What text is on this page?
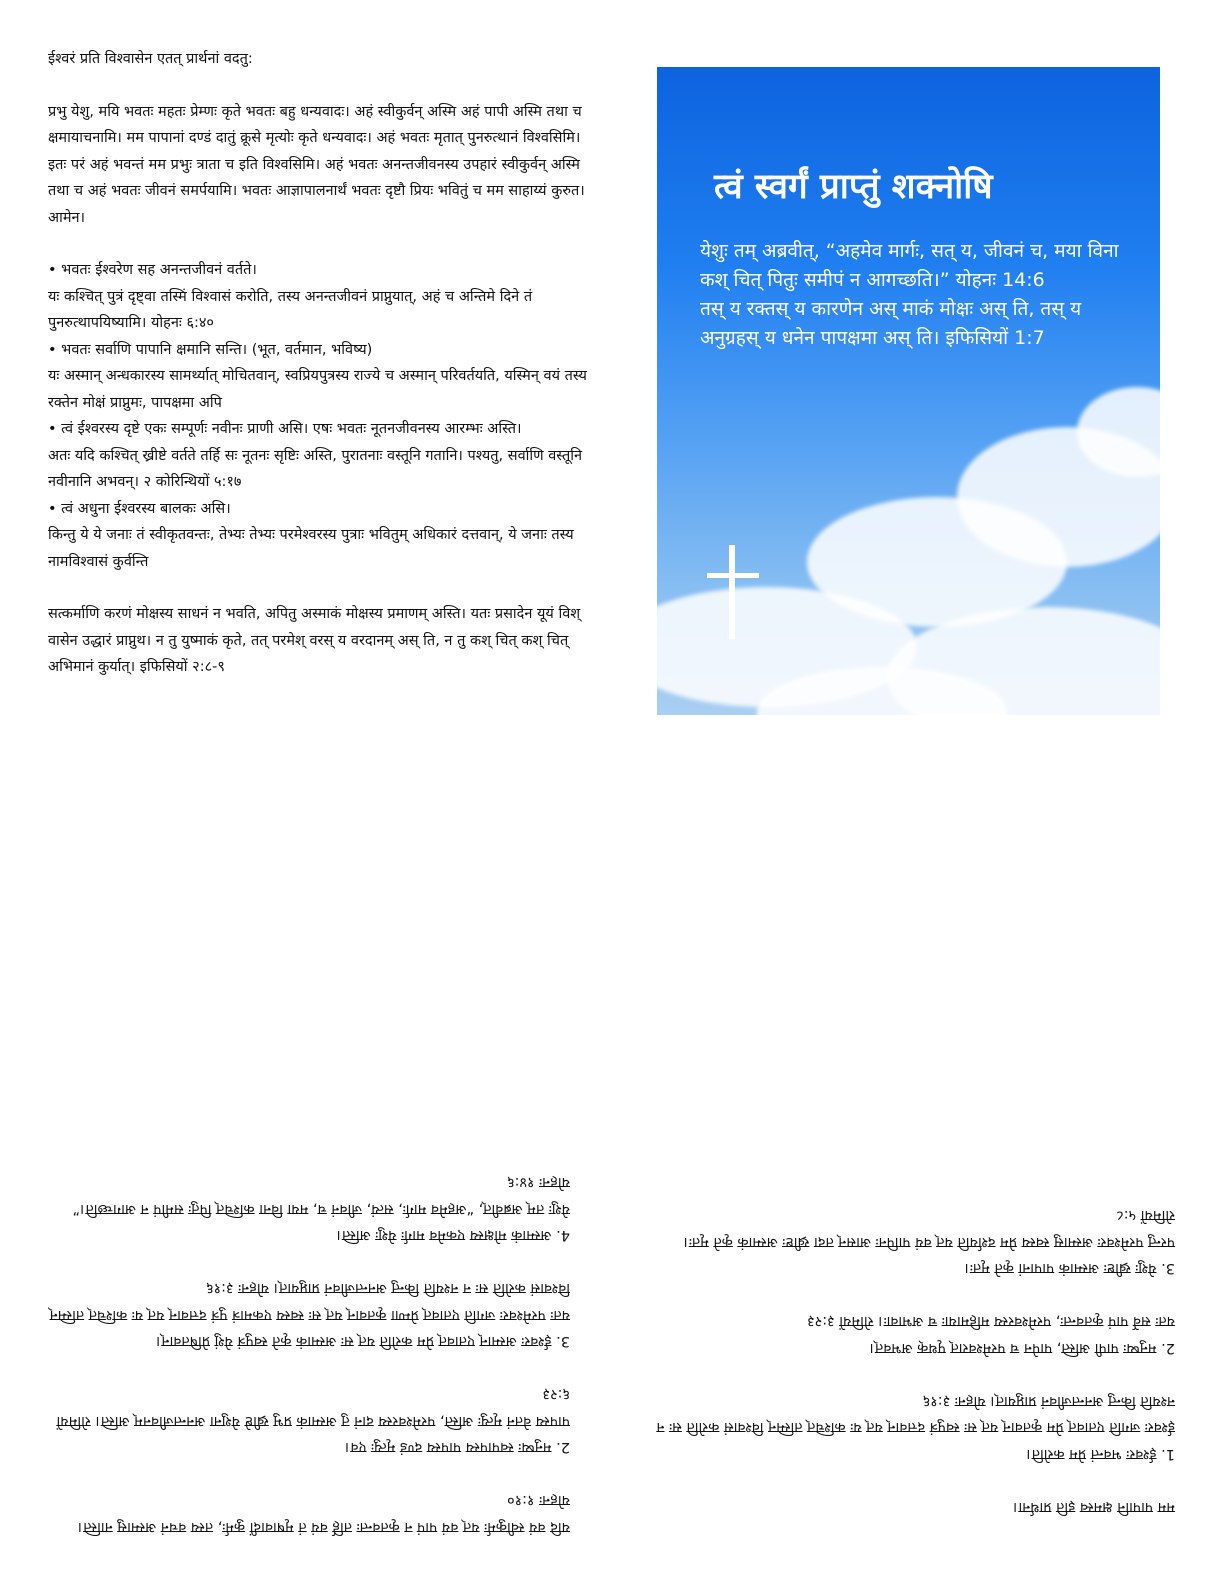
ईश्वरं प्रति विश्वासेन एतत् प्रार्थनां वदतु:

प्रभु येशु, मयि भवतः महतः प्रेम्णः कृते भवतः बहु धन्यवादः। अहं स्वीकुर्वन् अस्मि अहं पापी अस्मि तथा च क्षमायाचनामि। मम पापानां दण्डं दातुं क्रूसे मृत्योः कृते धन्यवादः। अहं भवतः मृतात् पुनरुत्थानं विश्वसिमि। इतः परं अहं भवन्तं मम प्रभुः त्राता च इति विश्वसिमि। अहं भवतः अनन्तजीवनस्य उपहारं स्वीकुर्वन् अस्मि तथा च अहं भवतः जीवनं समर्पयामि। भवतः आज्ञापालनार्थं भवतः दृष्टौ प्रियः भवितुं च मम साहाय्यं कुरुत। आमेन।

• भवतः ईश्वरेण सह अनन्तजीवनं वर्तते।
यः कश्चित् पुत्रं दृष्ट्वा तस्मिं विश्वासं करोति, तस्य अनन्तजीवनं प्राप्नुयात्, अहं च अन्तिमे दिने तं पुनरुत्थापयिष्यामि। योहनः ६:४०
• भवतः सर्वाणि पापानि क्षमानि सन्ति। (भूत, वर्तमान, भविष्य)
यः अस्मान् अन्धकारस्य सामर्थ्यात् मोचितवान्, स्वप्रियपुत्रस्य राज्ये च अस्मान् परिवर्तयति, यस्मिन् वयं तस्य रक्तेन मोक्षं प्राप्नुमः, पापक्षमा अपि
• त्वं ईश्वरस्य दृष्टे एकः सम्पूर्णः नवीनः प्राणी असि। एषः भवतः नूतनजीवनस्य आरम्भः अस्ति।
अतः यदि कश्चित् ख्रीष्टे वर्तते तर्हि सः नूतनः सृष्टिः अस्ति, पुरातनाः वस्तूनि गतानि। पश्यतु, सर्वाणि वस्तूनि नवीनानि अभवन्। २ कोरिन्थियों ५:१७
• त्वं अधुना ईश्वरस्य बालकः असि।
किन्तु ये ये जनाः तं स्वीकृतवन्तः, तेभ्यः तेभ्यः परमेश्वरस्य पुत्राः भवितुम् अधिकारं दत्तवान्, ये जनाः तस्य नामविश्वासं कुर्वन्ति

सत्कर्माणि करणं मोक्षस्य साधनं न भवति, अपितु अस्माकं मोक्षस्य प्रमाणम् अस्ति। यतः प्रसादेन यूयं विश् वासेन उद्धारं प्राप्नुथ। न तु युष्माकं कृते, तत् परमेश् वरस् य वरदानम् अस् ति, न तु कश् चित् कश् चित् अभिमानं कुर्यात्। इफिसियों २:८-९

त्वं स्वर्गं प्राप्तुं शक्नोषि
येशुः तम् अब्रवीत्, “अहमेव मार्गः, सत् य, जीवनं च, मया विना कश् चित् पितुः समीपं न आगच्छति।” योहनः 14:6
तस् य रक्तस् य कारणेन अस् माकं मोक्षः अस् ति, तस् य अनुग्रहस् य धनेन पापक्षमा अस् ति। इफिसियों 1:7

यदि वयं स्वीकुर्मः यत् वयं पापं न कृतवन्तः तर्हि वयं तं मृषावादीं कुर्मः, तस्य वचनं अस्मासु नास्ति। योहनः १:१०

2. मनुष्यः स्वपापस्य पापस्य दण्डं मृत्युः एव।
पापस्य वेतनं मृत्युः अस्ति, परमेश्वरस्य दानं तु अस्माकं प्रभु ख्रीष्टे येशुना अनन्तजीवनम् अस्ति। रोमियों ६:२३

3. ईश्वरः अस्मान् एतावत् प्रेम करोति यत् सः अस्माकं कृते स्वपुत्रं येशुं प्रेषितवान्।
यतः परमेश्वरः जगति एतावत् प्रेम्णा कृतवान् यत् सः स्वस्य एकमात्रं पुत्रं दत्तवान् यत् यः कश्चित् तस्मिन् विश्वासं करोति सः न नश्यति किन्तु अनन्तजीवनं प्राप्नुयात्। योहनः ३:१६

4. अस्माकं मोक्षस्य एकमेव मार्गः येशुः अस्ति।
येशुः तम् अब्रवीत्, “अहमेव मार्गः, सत्यं, जीवनं च, मया विना कश्चित् पितुः समीपं न आगच्छति।” योहनः १४:६

मम पापानि क्षमस्व इति प्रार्थना।

1. ईश्वरः भवन्तं प्रेम करोति।
ईश्वरः जगति एतावत् प्रेम कृतवान् यत् सः स्वपुत्रं दत्तवान् यत् यः कश्चित् तस्मिन् विश्वासं करोति सः न नश्यति किन्तु अनन्तजीवनं प्राप्नुयात्। योहनः ३:१६

2. मनुष्यः पापी अस्ति, पापेन च परमेश्वरात् पृथक् अभवत्।
यतः सर्वे पापं कृतवन्तः, परमेश्वरस्य महिमायाः च अभावाः। रोमियों ३:२३

3. येशुः ख्रीष्टः अस्माकं पापानां कृते मृतः।
परन्तु परमेश्वरः अस्मासु स्वस्य प्रेम दर्शयति यत् वयं पापिनः आसन् तदा ख्रीष्टः अस्माकं कृते मृतः। रोमियों ५:८
